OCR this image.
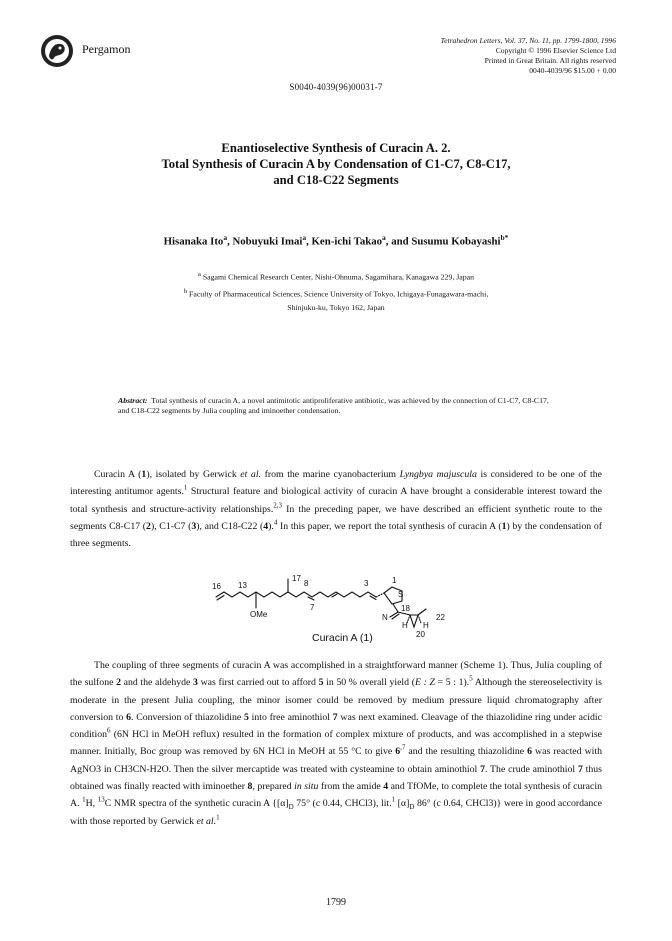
Pergamon
Tetrahedron Letters, Vol. 37, No. 11, pp. 1799-1800, 1996
Copyright © 1996 Elsevier Science Ltd
Printed in Great Britain. All rights reserved
0040-4039/96 $15.00 + 0.00
S0040-4039(96)00031-7
Enantioselective Synthesis of Curacin A. 2.
Total Synthesis of Curacin A by Condensation of C1-C7, C8-C17,
and C18-C22 Segments
Hisanaka Ito$^a$, Nobuyuki Imai$^a$, Ken-ichi Takao$^a$, and Susumu Kobayashi$^{b*}$
$^a$ Sagami Chemical Research Center, Nishi-Ohnuma, Sagamihara, Kanagawa 229, Japan
$^b$ Faculty of Pharmaceutical Sciences, Science University of Tokyo, Ichigaya-Funagawara-machi,
Shinjuku-ku, Tokyo 162, Japan
Abstract: Total synthesis of curacin A, a novel antimitotic antiproliferative antibiotic, was achieved by the connection of C1-C7, C8-C17, and C18-C22 segments by Julia coupling and iminoether condensation.

Curacin A (1), isolated by Gerwick et al. from the marine cyanobacterium Lyngbya majuscula is considered to be one of the interesting antitumor agents.$^1$ Structural feature and biological activity of curacin A have brought a considerable interest toward the total synthesis and structure-activity relationships.$^{2,3}$ In the preceding paper, we have described an efficient synthetic route to the segments C8-C17 (2), C1-C7 (3), and C18-C22 (4).$^4$ In this paper, we report the total synthesis of curacin A (1) by the condensation of three segments.

16 13
17
8
7
3	1
S
N
18
22
20
H H
OMe
Curacin A (1)

The coupling of three segments of curacin A was accomplished in a straightforward manner (Scheme 1). Thus, Julia coupling of the sulfone 2 and the aldehyde 3 was first carried out to afford 5 in 50 % overall yield (E : Z = 5 : 1).$^5$ Although the stereoselectivity is moderate in the present Julia coupling, the minor isomer could be removed by medium pressure liquid chromatography after conversion to 6. Conversion of thiazolidine 5 into free aminothiol 7 was next examined. Cleavage of the thiazolidine ring under acidic condition$^6$ (6N HCl in MeOH reflux) resulted in the formation of complex mixture of products, and was accomplished in a stepwise manner. Initially, Boc group was removed by 6N HCl in MeOH at 55 °C to give $6^{,7}$ and the resulting thiazolidine 6 was reacted with AgNO3 in CH3CN-H2O. Then the silver mercaptide was treated with cysteamine to obtain aminothiol 7. The crude aminothiol 7 thus obtained was finally reacted with iminoether 8, prepared in situ from the amide 4 and TfOMe, to complete the total synthesis of curacin A. $^1$H, $^{13}$C NMR spectra of the synthetic curacin A {$[\alpha]_D$ 75° (c 0.44, CHCl3), lit.$^1$ $[\alpha]_D$ 86° (c 0.64, CHCl3)} were in good accordance with those reported by Gerwick et al.$^1$

1799
